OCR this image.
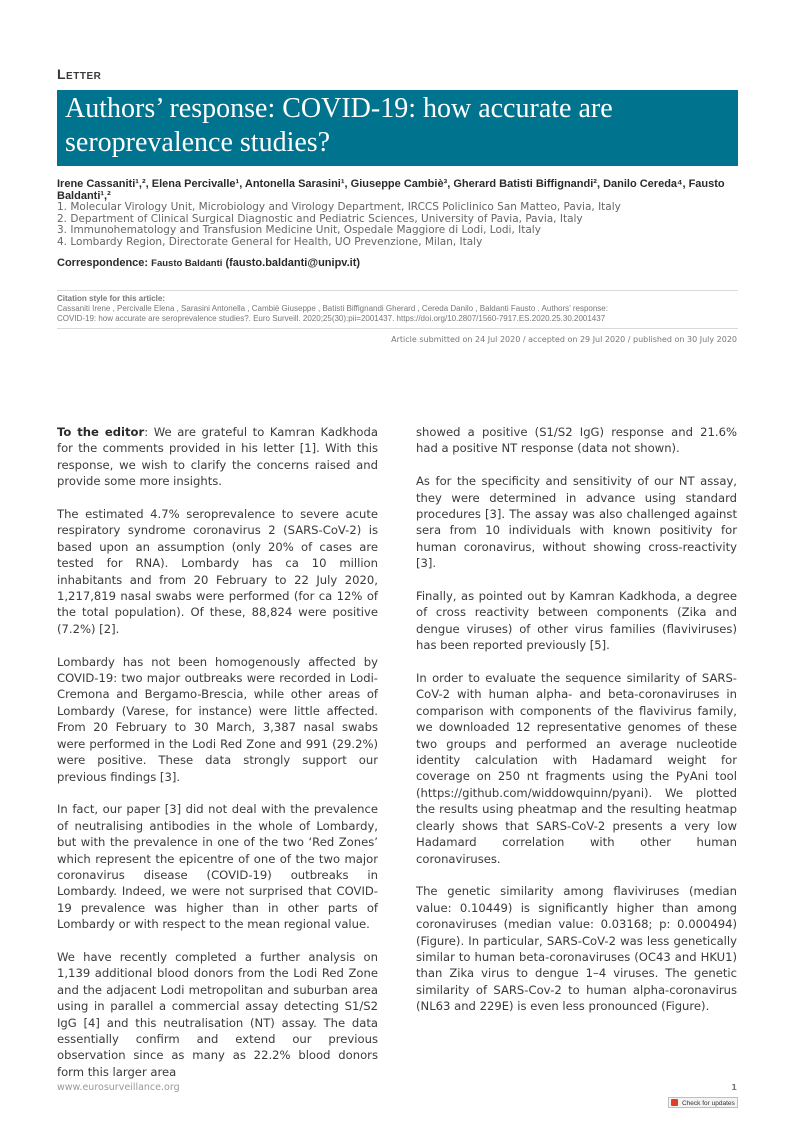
Letter
Authors’ response: COVID-19: how accurate are seroprevalence studies?
Irene Cassaniti¹,², Elena Percivalle¹, Antonella Sarasini¹, Giuseppe Cambiè³, Gherard Batisti Biffignandi², Danilo Cereda⁴, Fausto Baldanti¹,²
1. Molecular Virology Unit, Microbiology and Virology Department, IRCCS Policlinico San Matteo, Pavia, Italy
2. Department of Clinical Surgical Diagnostic and Pediatric Sciences, University of Pavia, Pavia, Italy
3. Immunohematology and Transfusion Medicine Unit, Ospedale Maggiore di Lodi, Lodi, Italy
4. Lombardy Region, Directorate General for Health, UO Prevenzione, Milan, Italy
Correspondence: Fausto Baldanti (fausto.baldanti@unipv.it)
Citation style for this article:
Cassaniti Irene , Percivalle Elena , Sarasini Antonella , Cambiè Giuseppe , Batisti Biffignandi Gherard , Cereda Danilo , Baldanti Fausto . Authors’ response:
COVID-19: how accurate are seroprevalence studies?. Euro Surveill. 2020;25(30):pii=2001437. https://doi.org/10.2807/1560-7917.ES.2020.25.30.2001437
Article submitted on 24 Jul 2020 / accepted on 29 Jul 2020 / published on 30 July 2020

To the editor: We are grateful to Kamran Kadkhoda for the comments provided in his letter [1]. With this response, we wish to clarify the concerns raised and provide some more insights.

The estimated 4.7% seroprevalence to severe acute respiratory syndrome coronavirus 2 (SARS-CoV-2) is based upon an assumption (only 20% of cases are tested for RNA). Lombardy has ca 10 million inhabitants and from 20 February to 22 July 2020, 1,217,819 nasal swabs were performed (for ca 12% of the total population). Of these, 88,824 were positive (7.2%) [2].

Lombardy has not been homogenously affected by COVID-19: two major outbreaks were recorded in Lodi-Cremona and Bergamo-Brescia, while other areas of Lombardy (Varese, for instance) were little affected. From 20 February to 30 March, 3,387 nasal swabs were performed in the Lodi Red Zone and 991 (29.2%) were positive. These data strongly support our previous findings [3].

In fact, our paper [3] did not deal with the prevalence of neutralising antibodies in the whole of Lombardy, but with the prevalence in one of the two ‘Red Zones’ which represent the epicentre of one of the two major coronavirus disease (COVID-19) outbreaks in Lombardy. Indeed, we were not surprised that COVID-19 prevalence was higher than in other parts of Lombardy or with respect to the mean regional value.

We have recently completed a further analysis on 1,139 additional blood donors from the Lodi Red Zone and the adjacent Lodi metropolitan and suburban area using in parallel a commercial assay detecting S1/S2 IgG [4] and this neutralisation (NT) assay. The data essentially confirm and extend our previous observation since as many as 22.2% blood donors form this larger area

showed a positive (S1/S2 IgG) response and 21.6% had a positive NT response (data not shown).

As for the specificity and sensitivity of our NT assay, they were determined in advance using standard procedures [3]. The assay was also challenged against sera from 10 individuals with known positivity for human coronavirus, without showing cross-reactivity [3].

Finally, as pointed out by Kamran Kadkhoda, a degree of cross reactivity between components (Zika and dengue viruses) of other virus families (flaviviruses) has been reported previously [5].

In order to evaluate the sequence similarity of SARS-CoV-2 with human alpha- and beta-coronaviruses in comparison with components of the flavivirus family, we downloaded 12 representative genomes of these two groups and performed an average nucleotide identity calculation with Hadamard weight for coverage on 250 nt fragments using the PyAni tool (https://github.com/widdowquinn/pyani). We plotted the results using pheatmap and the resulting heatmap clearly shows that SARS-CoV-2 presents a very low Hadamard correlation with other human coronaviruses.

The genetic similarity among flaviviruses (median value: 0.10449) is significantly higher than among coronaviruses (median value: 0.03168; p: 0.000494) (Figure). In particular, SARS-CoV-2 was less genetically similar to human beta-coronaviruses (OC43 and HKU1) than Zika virus to dengue 1–4 viruses. The genetic similarity of SARS-Cov-2 to human alpha-coronavirus (NL63 and 229E) is even less pronounced (Figure).

www.eurosurveillance.org	1
Check for updates
